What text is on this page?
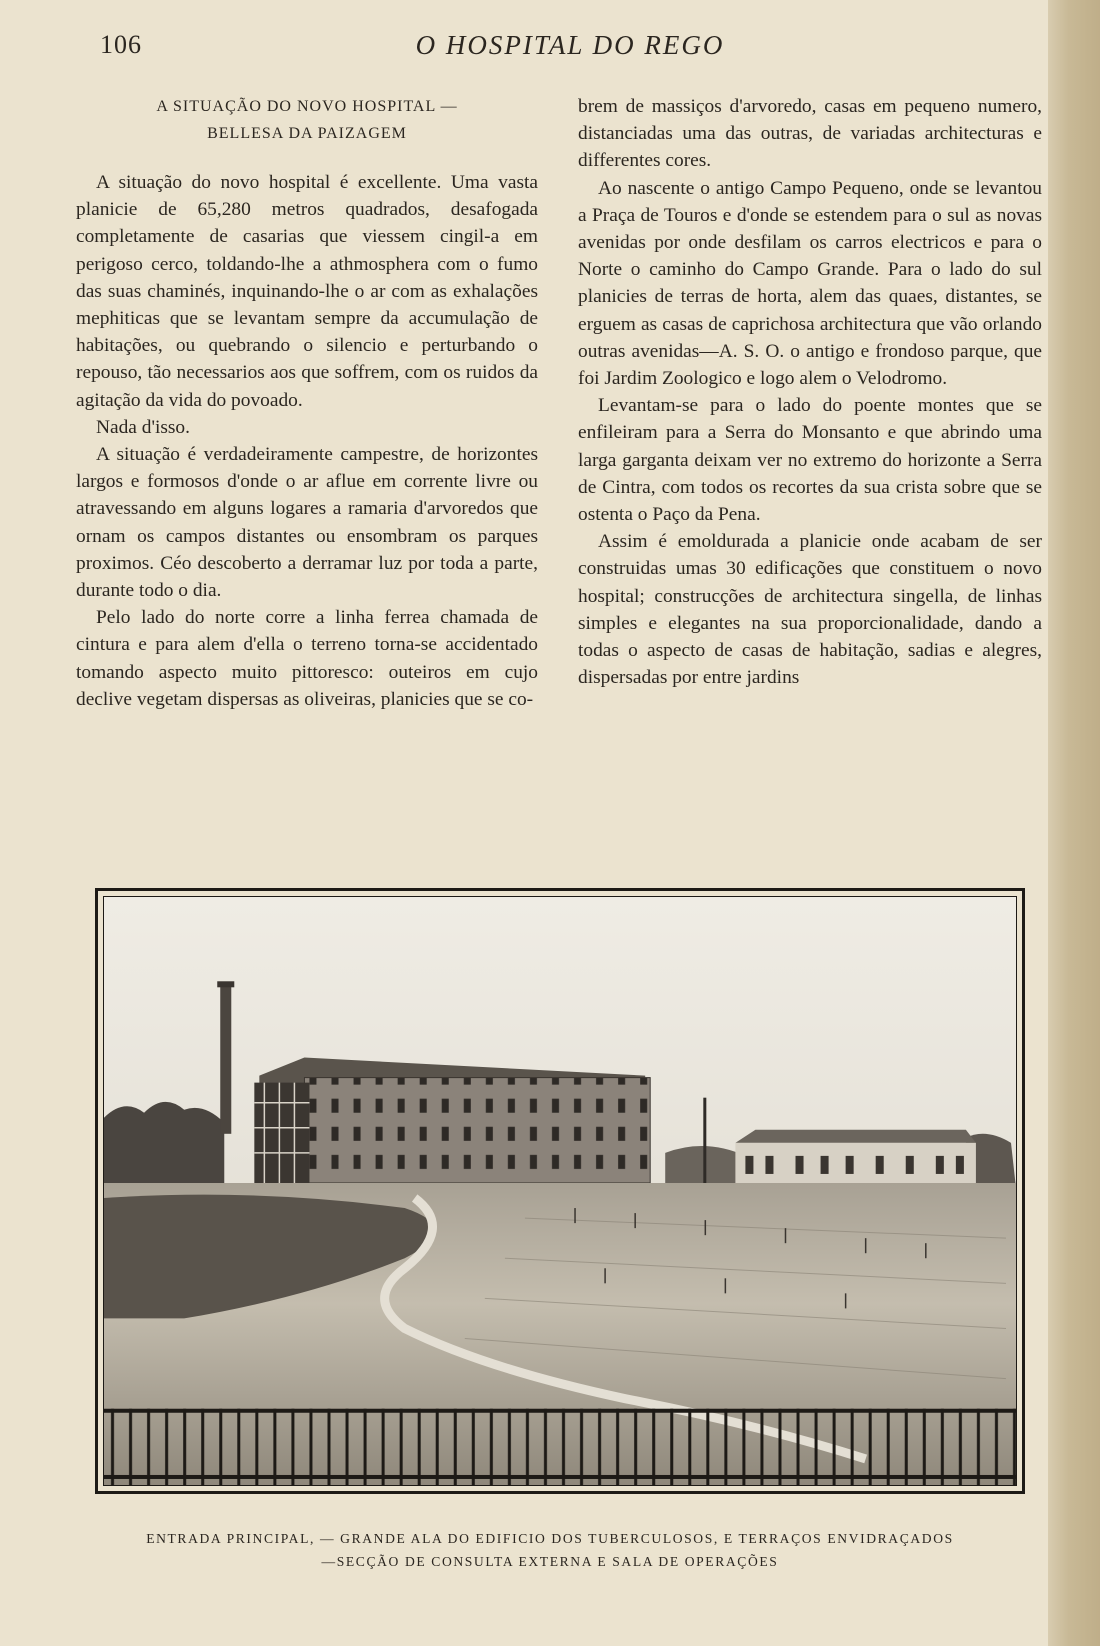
106	O HOSPITAL DO REGO
A SITUAÇÃO DO NOVO HOSPITAL —
BELLESA DA PAIZAGEM

A situação do novo hospital é excellente. Uma vasta planicie de 65,280 metros quadrados, desafogada completamente de casarias que viessem cingil-a em perigoso cerco, toldando-lhe a athmosphera com o fumo das suas chaminés, inquinando-lhe o ar com as exhalações mephiticas que se levantam sempre da accumulação de habitações, ou quebrando o silencio e perturbando o repouso, tão necessarios aos que soffrem, com os ruidos da agitação da vida do povoado.

Nada d'isso.

A situação é verdadeiramente campestre, de horizontes largos e formosos d'onde o ar aflue em corrente livre ou atravessando em alguns logares a ramaria d'arvoredos que ornam os campos distantes ou ensombram os parques proximos. Céo descoberto a derramar luz por toda a parte, durante todo o dia.

Pelo lado do norte corre a linha ferrea chamada de cintura e para alem d'ella o terreno torna-se accidentado tomando aspecto muito pittoresco: outeiros em cujo declive vegetam dispersas as oliveiras, planicies que se co-

brem de massiços d'arvoredo, casas em pequeno numero, distanciadas uma das outras, de variadas architecturas e differentes cores.

Ao nascente o antigo Campo Pequeno, onde se levantou a Praça de Touros e d'onde se estendem para o sul as novas avenidas por onde desfilam os carros electricos e para o Norte o caminho do Campo Grande. Para o lado do sul planicies de terras de horta, alem das quaes, distantes, se erguem as casas de caprichosa architectura que vão orlando outras avenidas—A. S. O. o antigo e frondoso parque, que foi Jardim Zoologico e logo alem o Velodromo.

Levantam-se para o lado do poente montes que se enfileiram para a Serra do Monsanto e que abrindo uma larga garganta deixam ver no extremo do horizonte a Serra de Cintra, com todos os recortes da sua crista sobre que se ostenta o Paço da Pena.

Assim é emoldurada a planicie onde acabam de ser construidas umas 30 edificações que constituem o novo hospital; construcções de architectura singella, de linhas simples e elegantes na sua proporcionalidade, dando a todas o aspecto de casas de habitação, sadias e alegres, dispersadas por entre jardins

ENTRADA PRINCIPAL, — GRANDE ALA DO EDIFICIO DOS TUBERCULOSOS, E TERRAÇOS ENVIDRAÇADOS
—SECÇÃO DE CONSULTA EXTERNA E SALA DE OPERAÇÕES
